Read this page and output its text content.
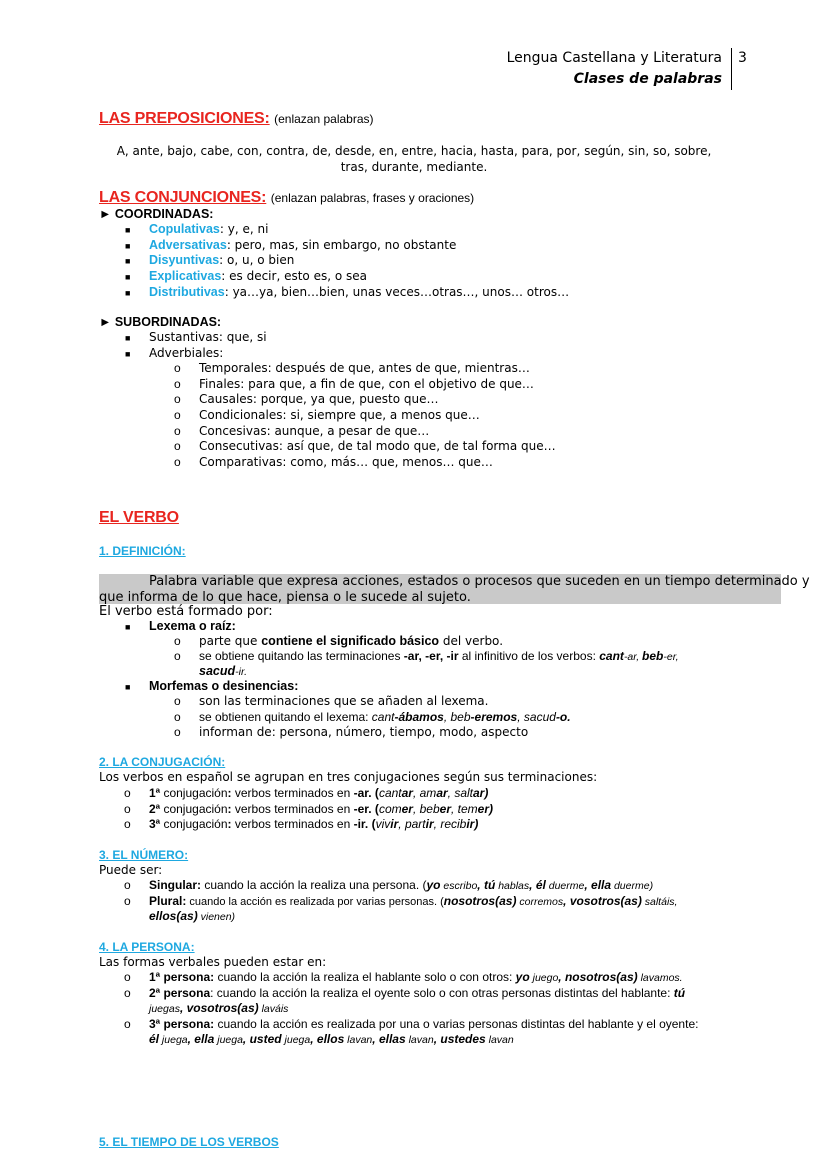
Lengua Castellana y Literatura
Clases de palabras
3
LAS PREPOSICIONES: (enlazan palabras)
A, ante, bajo, cabe, con, contra, de, desde, en, entre, hacia, hasta, para, por, según, sin, so, sobre,
tras, durante, mediante.
LAS CONJUNCIONES: (enlazan palabras, frases y oraciones)
► COORDINADAS:
■ Copulativas: y, e, ni
■ Adversativas: pero, mas, sin embargo, no obstante
■ Disyuntivas: o, u, o bien
■ Explicativas: es decir, esto es, o sea
■ Distributivas: ya…ya, bien…bien, unas veces…otras…, unos… otros…
► SUBORDINADAS:
■ Sustantivas: que, si
■ Adverbiales:
o Temporales: después de que, antes de que, mientras…
o Finales: para que, a fin de que, con el objetivo de que…
o Causales: porque, ya que, puesto que…
o Condicionales: si, siempre que, a menos que…
o Concesivas: aunque, a pesar de que…
o Consecutivas: así que, de tal modo que, de tal forma que…
o Comparativas: como, más… que, menos… que…
EL VERBO
1. DEFINICIÓN:
Palabra variable que expresa acciones, estados o procesos que suceden en un tiempo determinado y
que informa de lo que hace, piensa o le sucede al sujeto.
El verbo está formado por:
■ Lexema o raíz:
o parte que contiene el significado básico del verbo.
o se obtiene quitando las terminaciones -ar, -er, -ir al infinitivo de los verbos: cant-ar, beb-er,
sacud-ir.
■ Morfemas o desinencias:
o son las terminaciones que se añaden al lexema.
o se obtienen quitando el lexema: cant-ábamos, beb-eremos, sacud-o.
o informan de: persona, número, tiempo, modo, aspecto
2. LA CONJUGACIÓN:
Los verbos en español se agrupan en tres conjugaciones según sus terminaciones:
o 1ª conjugación: verbos terminados en -ar. (cantar, amar, saltar)
o 2ª conjugación: verbos terminados en -er. (comer, beber, temer)
o 3ª conjugación: verbos terminados en -ir. (vivir, partir, recibir)
3. EL NÚMERO:
Puede ser:
o Singular: cuando la acción la realiza una persona. (yo escribo, tú hablas, él duerme, ella duerme)
o Plural: cuando la acción es realizada por varias personas. (nosotros(as) corremos, vosotros(as) saltáis,
ellos(as) vienen)
4. LA PERSONA:
Las formas verbales pueden estar en:
o 1ª persona: cuando la acción la realiza el hablante solo o con otros: yo juego, nosotros(as) lavamos.
o 2ª persona: cuando la acción la realiza el oyente solo o con otras personas distintas del hablante: tú
juegas, vosotros(as) laváis
o 3ª persona: cuando la acción es realizada por una o varias personas distintas del hablante y el oyente:
él juega, ella juega, usted juega, ellos lavan, ellas lavan, ustedes lavan
5. EL TIEMPO DE LOS VERBOS
